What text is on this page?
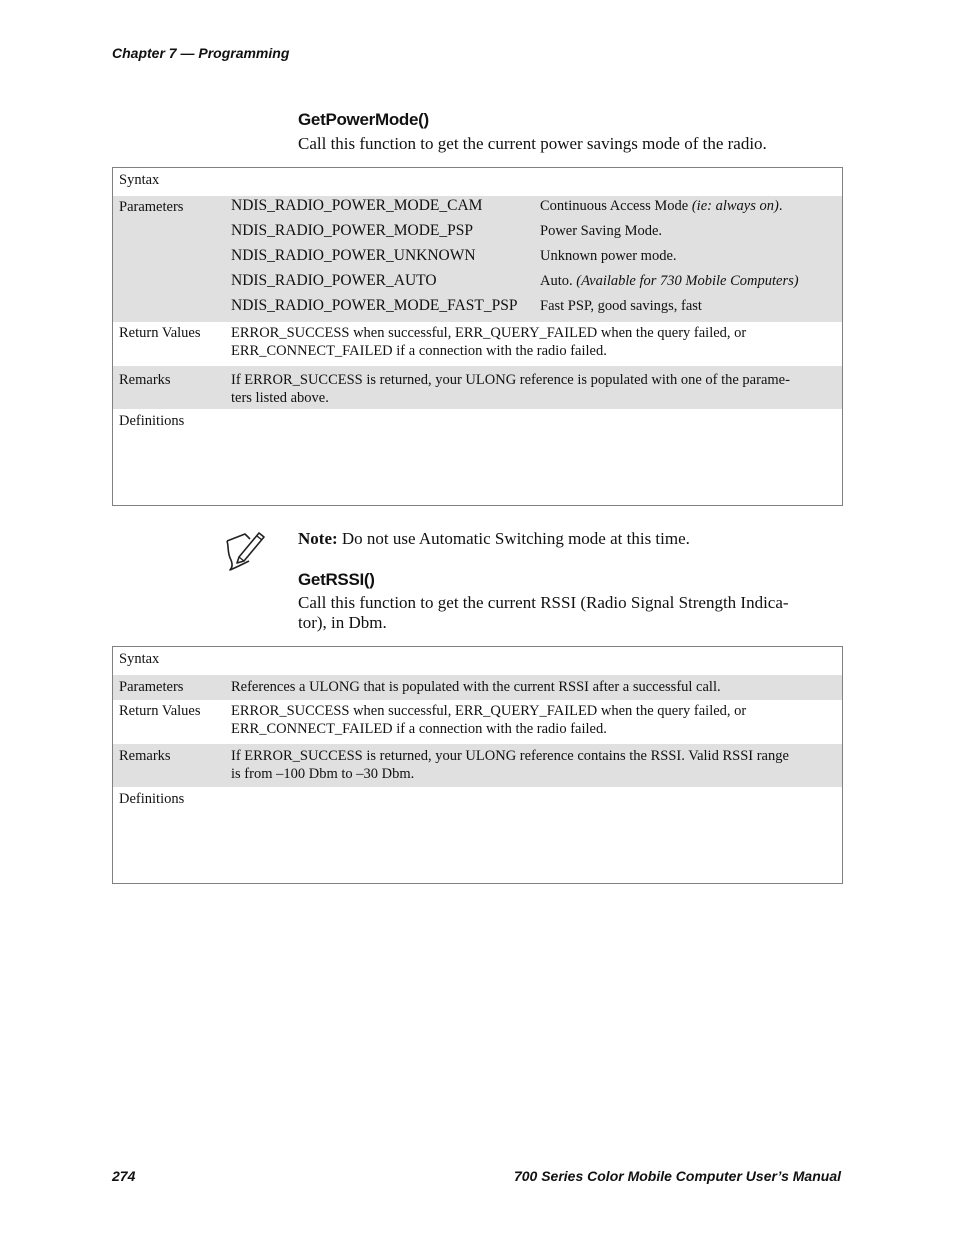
Chapter 7 — Programming
GetPowerMode()
Call this function to get the current power savings mode of the radio.
Syntax	
Parameters		NDIS_RADIO_POWER_MODE_CAM	Continuous Access Mode (ie: always on).
NDIS_RADIO_POWER_MODE_PSP	Power Saving Mode.
NDIS_RADIO_POWER_UNKNOWN	Unknown power mode.
NDIS_RADIO_POWER_AUTO	Auto. (Available for 730 Mobile Computers)
NDIS_RADIO_POWER_MODE_FAST_PSP	Fast PSP, good savings, fast

Return Values	ERROR_SUCCESS when successful, ERR_QUERY_FAILED when the query failed, or
ERR_CONNECT_FAILED if a connection with the radio failed.

Remarks	If ERROR_SUCCESS is returned, your ULONG reference is populated with one of the parame-
ters listed above.

Definitions	
Note: Do not use Automatic Switching mode at this time.
GetRSSI()
Call this function to get the current RSSI (Radio Signal Strength Indica-
tor), in Dbm.
Syntax	
Parameters	References a ULONG that is populated with the current RSSI after a successful call.
Return Values	ERROR_SUCCESS when successful, ERR_QUERY_FAILED when the query failed, or
ERR_CONNECT_FAILED if a connection with the radio failed.

Remarks	If ERROR_SUCCESS is returned, your ULONG reference contains the RSSI. Valid RSSI range
is from –100 Dbm to –30 Dbm.

Definitions	
274	700 Series Color Mobile Computer User’s Manual
